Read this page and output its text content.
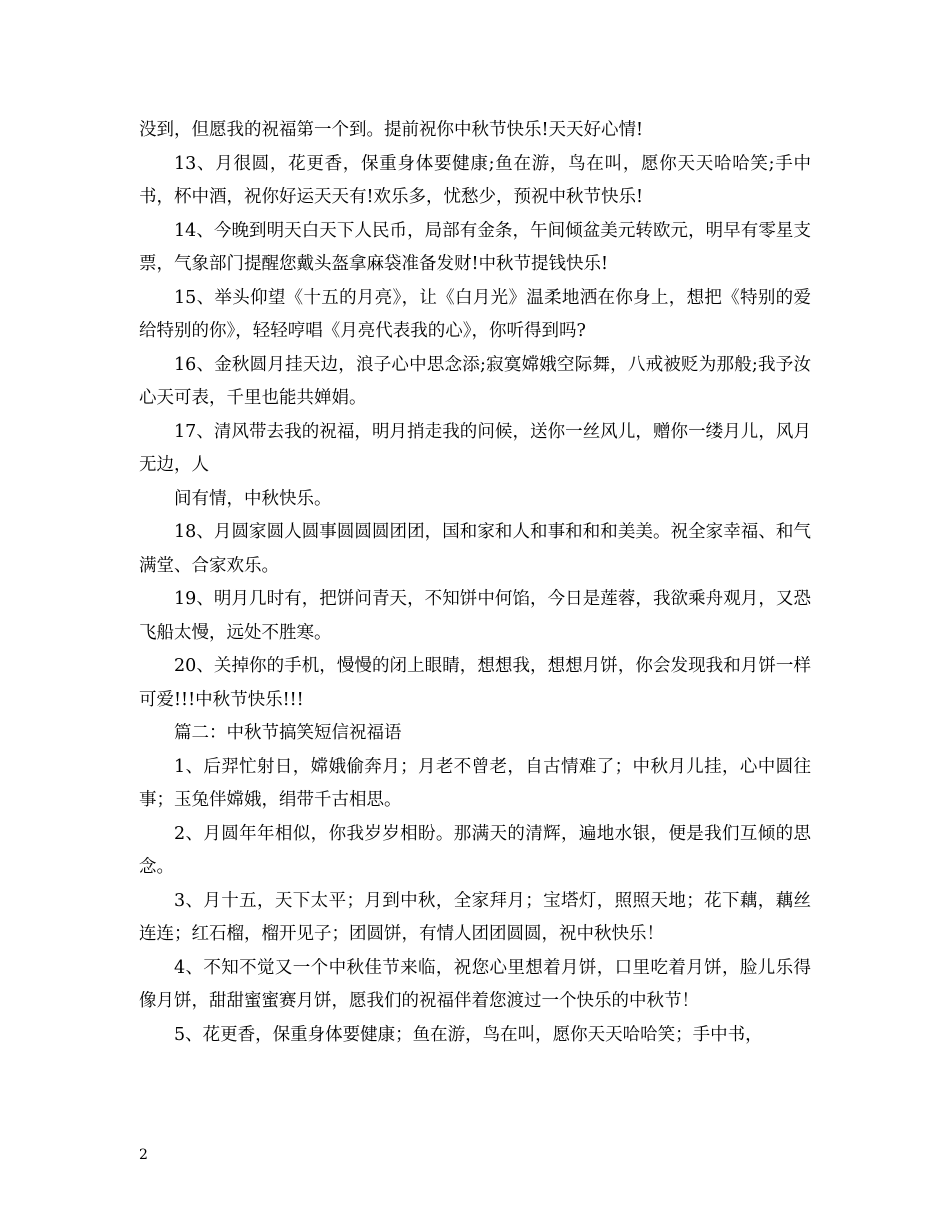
没到，但愿我的祝福第一个到。提前祝你中秋节快乐!天天好心情!

13、月很圆，花更香，保重身体要健康;鱼在游，鸟在叫，愿你天天哈哈笑;手中书，杯中酒，祝你好运天天有!欢乐多，忧愁少，预祝中秋节快乐!

14、今晚到明天白天下人民币，局部有金条，午间倾盆美元转欧元，明早有零星支票，气象部门提醒您戴头盔拿麻袋准备发财!中秋节提钱快乐!

15、举头仰望《十五的月亮》，让《白月光》温柔地洒在你身上，想把《特别的爱给特别的你》，轻轻哼唱《月亮代表我的心》，你听得到吗?

16、金秋圆月挂天边，浪子心中思念添;寂寞嫦娥空际舞，八戒被贬为那般;我予汝心天可表，千里也能共婵娟。

17、清风带去我的祝福，明月捎走我的问候，送你一丝风儿，赠你一缕月儿，风月无边，人

间有情，中秋快乐。

18、月圆家圆人圆事圆圆圆团团，国和家和人和事和和和美美。祝全家幸福、和气满堂、合家欢乐。

19、明月几时有，把饼问青天，不知饼中何馅，今日是莲蓉，我欲乘舟观月，又恐飞船太慢，远处不胜寒。

20、关掉你的手机，慢慢的闭上眼睛，想想我，想想月饼，你会发现我和月饼一样可爱!!!中秋节快乐!!!

篇二：中秋节搞笑短信祝福语

1、后羿忙射日，嫦娥偷奔月；月老不曾老，自古情难了；中秋月儿挂，心中圆往事；玉兔伴嫦娥，绢带千古相思。

2、月圆年年相似，你我岁岁相盼。那满天的清辉，遍地水银，便是我们互倾的思念。

3、月十五，天下太平；月到中秋，全家拜月；宝塔灯，照照天地；花下藕，藕丝连连；红石榴，榴开见子；团圆饼，有情人团团圆圆，祝中秋快乐！

4、不知不觉又一个中秋佳节来临，祝您心里想着月饼，口里吃着月饼，脸儿乐得像月饼，甜甜蜜蜜赛月饼，愿我们的祝福伴着您渡过一个快乐的中秋节！

5、花更香，保重身体要健康；鱼在游，鸟在叫，愿你天天哈哈笑；手中书，

2
